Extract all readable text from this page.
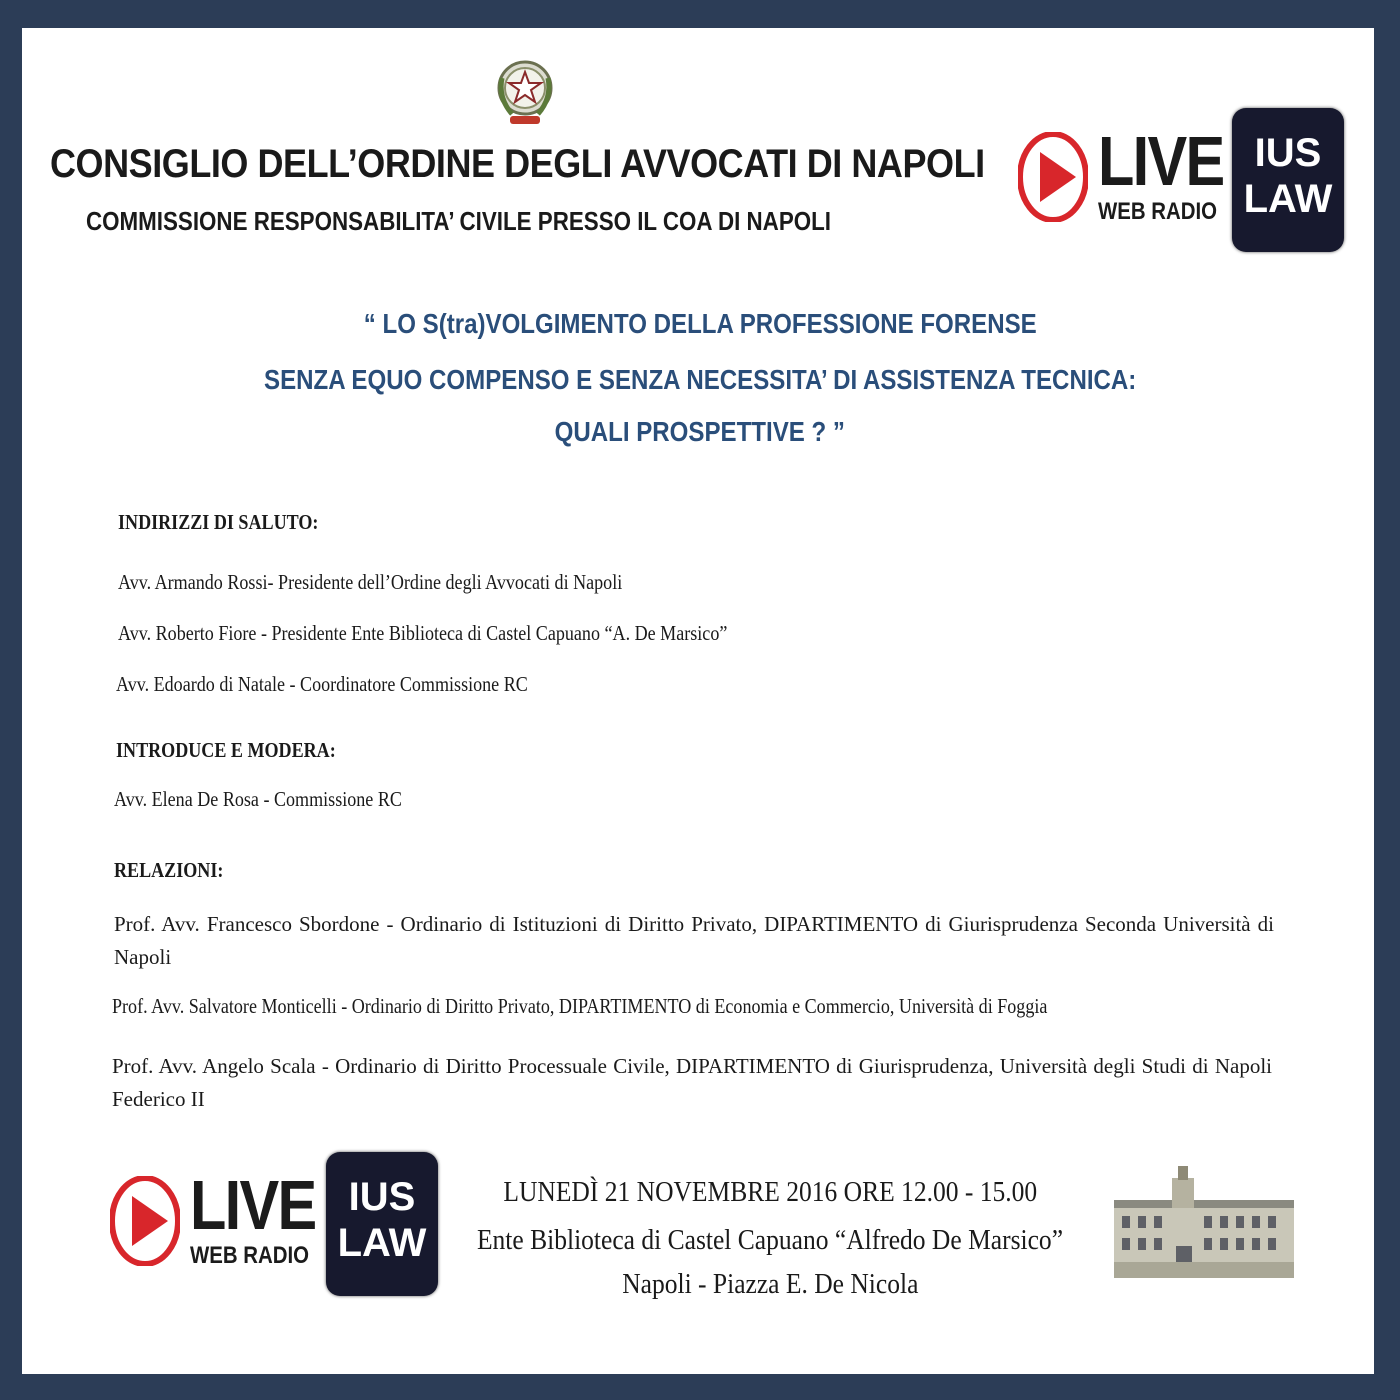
CONSIGLIO DELL’ORDINE DEGLI AVVOCATI DI NAPOLI
COMMISSIONE RESPONSABILITA’ CIVILE PRESSO IL COA DI NAPOLI
LIVE
WEB RADIO
IUS
LAW
“ LO S(tra)VOLGIMENTO DELLA PROFESSIONE FORENSE
SENZA EQUO COMPENSO E SENZA NECESSITA’ DI ASSISTENZA TECNICA:
QUALI PROSPETTIVE ? ”
INDIRIZZI DI SALUTO:
Avv. Armando Rossi- Presidente dell’Ordine degli Avvocati di Napoli
Avv. Roberto Fiore - Presidente Ente Biblioteca di Castel Capuano “A. De Marsico”
Avv. Edoardo di Natale - Coordinatore Commissione RC
INTRODUCE E MODERA:
Avv. Elena De Rosa - Commissione RC
RELAZIONI:
Prof. Avv. Francesco Sbordone - Ordinario di Istituzioni di Diritto Privato, DIPARTIMENTO di Giurisprudenza Seconda Università di Napoli
Prof. Avv. Salvatore Monticelli - Ordinario di Diritto Privato, DIPARTIMENTO di Economia e Commercio, Università di Foggia
Prof. Avv. Angelo Scala - Ordinario di Diritto Processuale Civile, DIPARTIMENTO di Giurisprudenza, Università degli Studi di Napoli Federico II
LIVE
WEB RADIO
IUS
LAW
LUNEDÌ 21 NOVEMBRE 2016 ORE 12.00 - 15.00
Ente Biblioteca di Castel Capuano “Alfredo De Marsico”
Napoli - Piazza E. De Nicola
